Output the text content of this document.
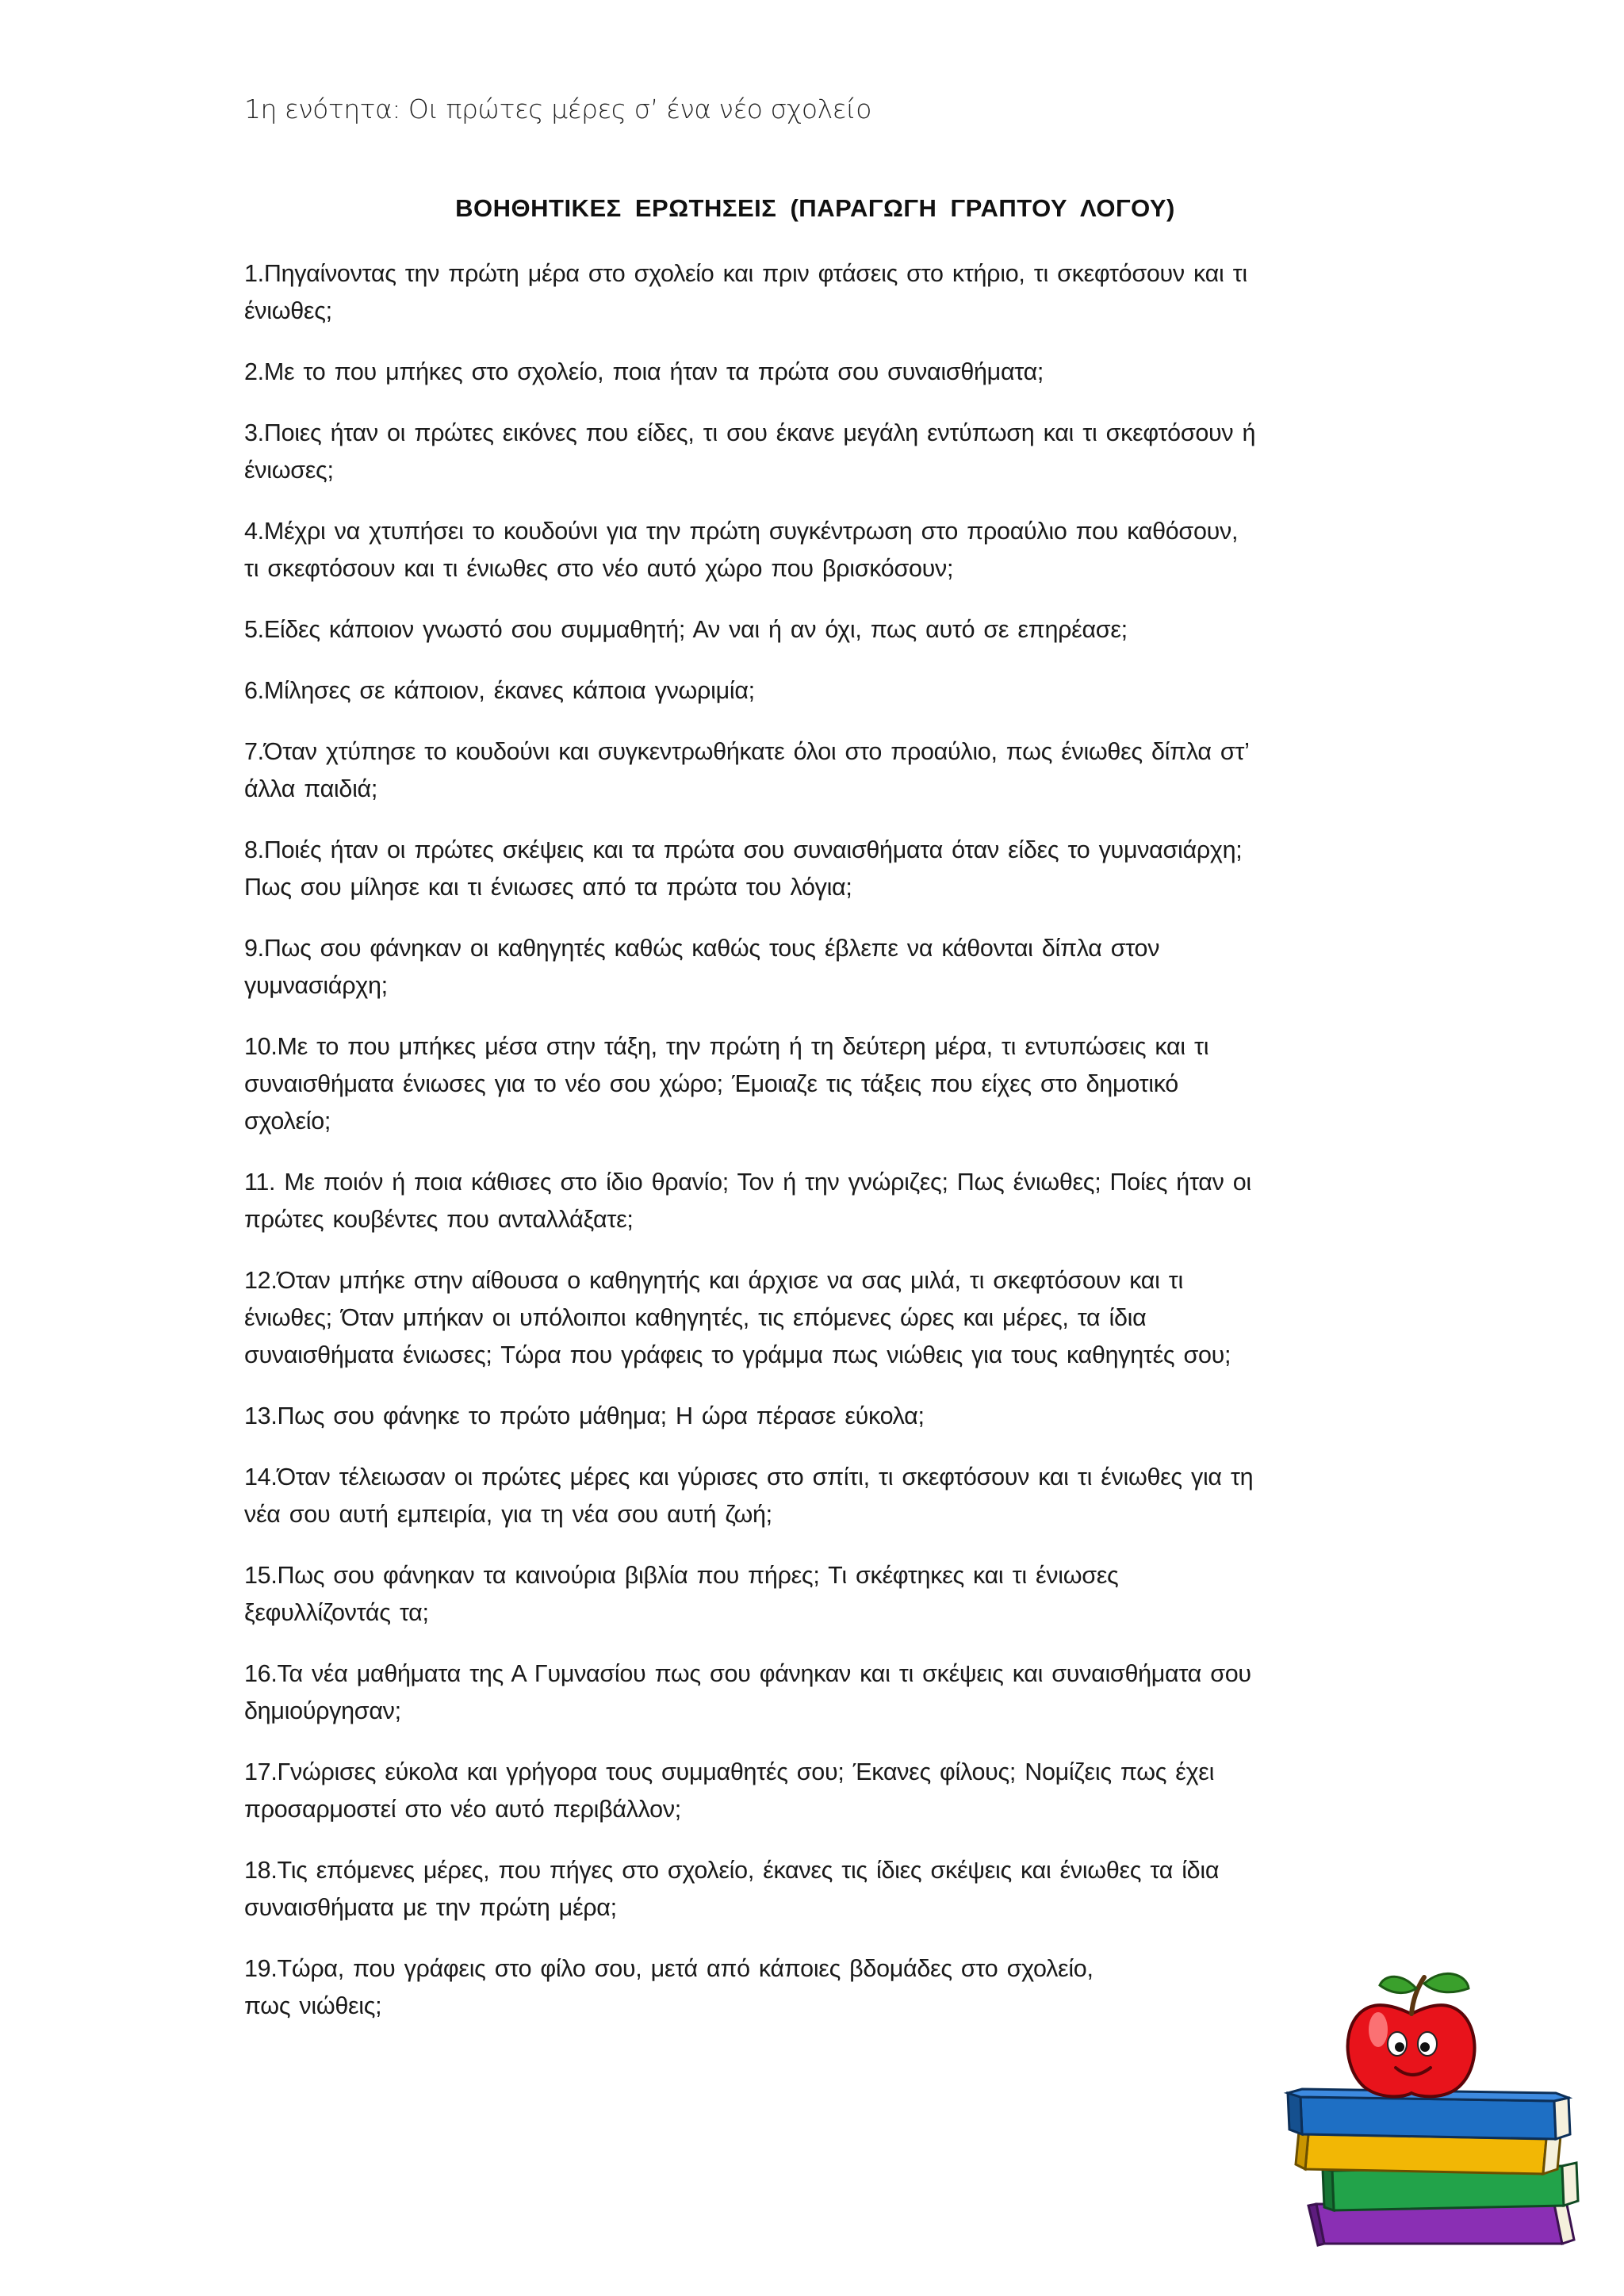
1η ενότητα: Οι πρώτες μέρες σ’ ένα νέο σχολείο

ΒΟΗΘΗΤΙΚΕΣ ΕΡΩΤΗΣΕΙΣ (ΠΑΡΑΓΩΓΗ ΓΡΑΠΤΟΥ ΛΟΓΟΥ)
1.Πηγαίνοντας την πρώτη μέρα στο σχολείο και πριν φτάσεις στο κτήριο, τι σκεφτόσουν και τι
ένιωθες;
2.Με το που μπήκες στο σχολείο, ποια ήταν τα πρώτα σου συναισθήματα;
3.Ποιες ήταν οι πρώτες εικόνες που είδες, τι σου έκανε μεγάλη εντύπωση και τι σκεφτόσουν ή
ένιωσες;
4.Μέχρι να χτυπήσει το κουδούνι για την πρώτη συγκέντρωση στο προαύλιο που καθόσουν,
τι σκεφτόσουν και τι ένιωθες στο νέο αυτό χώρο που βρισκόσουν;
5.Είδες κάποιον γνωστό σου συμμαθητή; Αν ναι ή αν όχι, πως αυτό σε επηρέασε;
6.Μίλησες σε κάποιον, έκανες κάποια γνωριμία;
7.Όταν χτύπησε το κουδούνι και συγκεντρωθήκατε όλοι στο προαύλιο, πως ένιωθες δίπλα στ’
άλλα παιδιά;
8.Ποιές ήταν οι πρώτες σκέψεις και τα πρώτα σου συναισθήματα όταν είδες το γυμνασιάρχη;
Πως σου μίλησε και τι ένιωσες από τα πρώτα του λόγια;
9.Πως σου φάνηκαν οι καθηγητές καθώς καθώς τους έβλεπε να κάθονται δίπλα στον
γυμνασιάρχη;
10.Με το που μπήκες μέσα στην τάξη, την πρώτη ή τη δεύτερη μέρα, τι εντυπώσεις και τι
συναισθήματα ένιωσες για το νέο σου χώρο; Έμοιαζε τις τάξεις που είχες στο δημοτικό
σχολείο;
11. Με ποιόν ή ποια κάθισες στο ίδιο θρανίο; Τον ή την γνώριζες; Πως ένιωθες; Ποίες ήταν οι
πρώτες κουβέντες που ανταλλάξατε;
12.Όταν μπήκε στην αίθουσα ο καθηγητής και άρχισε να σας μιλά, τι σκεφτόσουν και τι
ένιωθες; Όταν μπήκαν οι υπόλοιποι καθηγητές, τις επόμενες ώρες και μέρες, τα ίδια
συναισθήματα ένιωσες; Τώρα που γράφεις το γράμμα πως νιώθεις για τους καθηγητές σου;
13.Πως σου φάνηκε το πρώτο μάθημα; Η ώρα πέρασε εύκολα;
14.Όταν τέλειωσαν οι πρώτες μέρες και γύρισες στο σπίτι, τι σκεφτόσουν και τι ένιωθες για τη
νέα σου αυτή εμπειρία, για τη νέα σου αυτή ζωή;
15.Πως σου φάνηκαν τα καινούρια βιβλία που πήρες; Τι σκέφτηκες και τι ένιωσες
ξεφυλλίζοντάς τα;
16.Τα νέα μαθήματα της Α Γυμνασίου πως σου φάνηκαν και τι σκέψεις και συναισθήματα σου
δημιούργησαν;
17.Γνώρισες εύκολα και γρήγορα τους συμμαθητές σου; Έκανες φίλους; Νομίζεις πως έχει
προσαρμοστεί στο νέο αυτό περιβάλλον;
18.Τις επόμενες μέρες, που πήγες στο σχολείο, έκανες τις ίδιες σκέψεις και ένιωθες τα ίδια
συναισθήματα με την πρώτη μέρα;
19.Τώρα, που γράφεις στο φίλο σου, μετά από κάποιες βδομάδες στο σχολείο,
πως νιώθεις;
